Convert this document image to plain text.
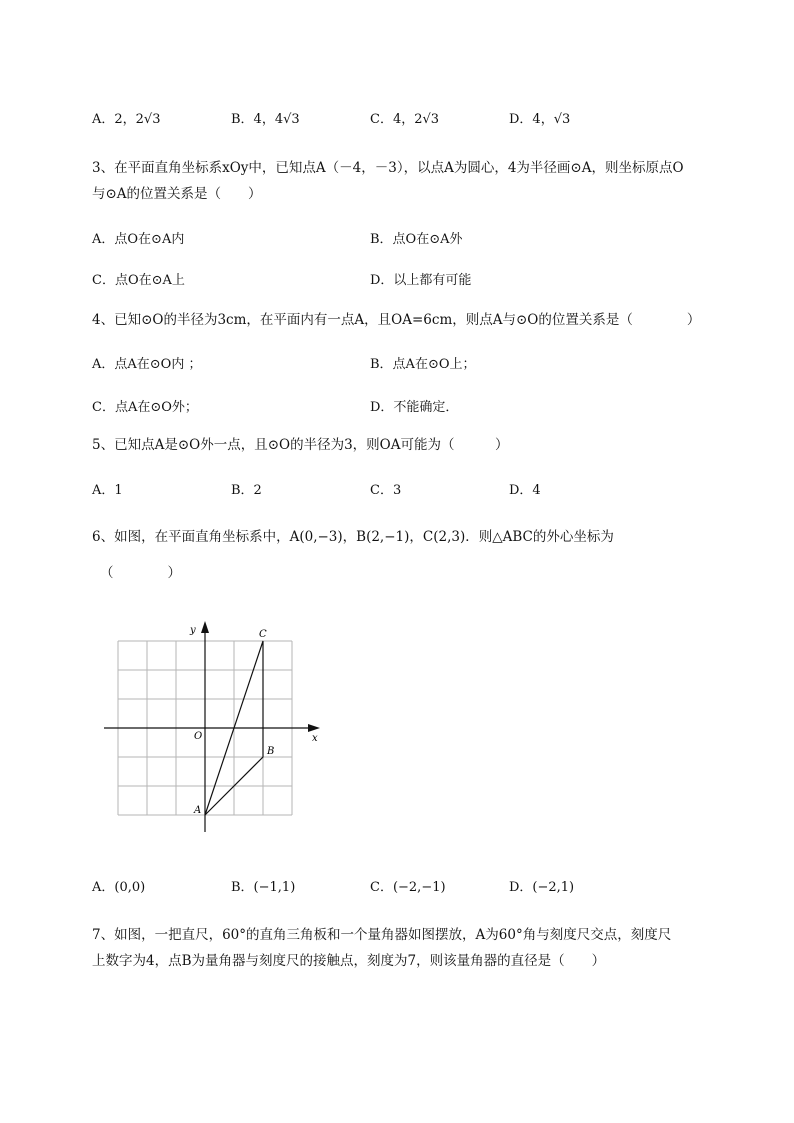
A．2，2√3	B．4，4√3	C．4，2√3	D．4，√3
3、在平面直角坐标系xOy中，已知点A（－4，－3），以点A为圆心，4为半径画⊙A，则坐标原点O
与⊙A的位置关系是（　　）
A．点O在⊙A内	B．点O在⊙A外
C．点O在⊙A上	D．以上都有可能
4、已知⊙O的半径为3cm，在平面内有一点A，且OA=6cm，则点A与⊙O的位置关系是（　　　　）
A．点A在⊙O内 ；	B．点A在⊙O上；
C．点A在⊙O外；	D．不能确定．
5、已知点A是⊙O外一点，且⊙O的半径为3，则OA可能为（　　　）
A．1	B．2	C．3	D．4
6、如图，在平面直角坐标系中，A(0,−3)，B(2,−1)，C(2,3)．则△ABC的外心坐标为
（　　　　）
x
y
O
A
B
C
A．(0,0)	B．(−1,1)	C．(−2,−1)	D．(−2,1)
7、如图，一把直尺，60°的直角三角板和一个量角器如图摆放，A为60°角与刻度尺交点，刻度尺
上数字为4，点B为量角器与刻度尺的接触点，刻度为7，则该量角器的直径是（　　）
